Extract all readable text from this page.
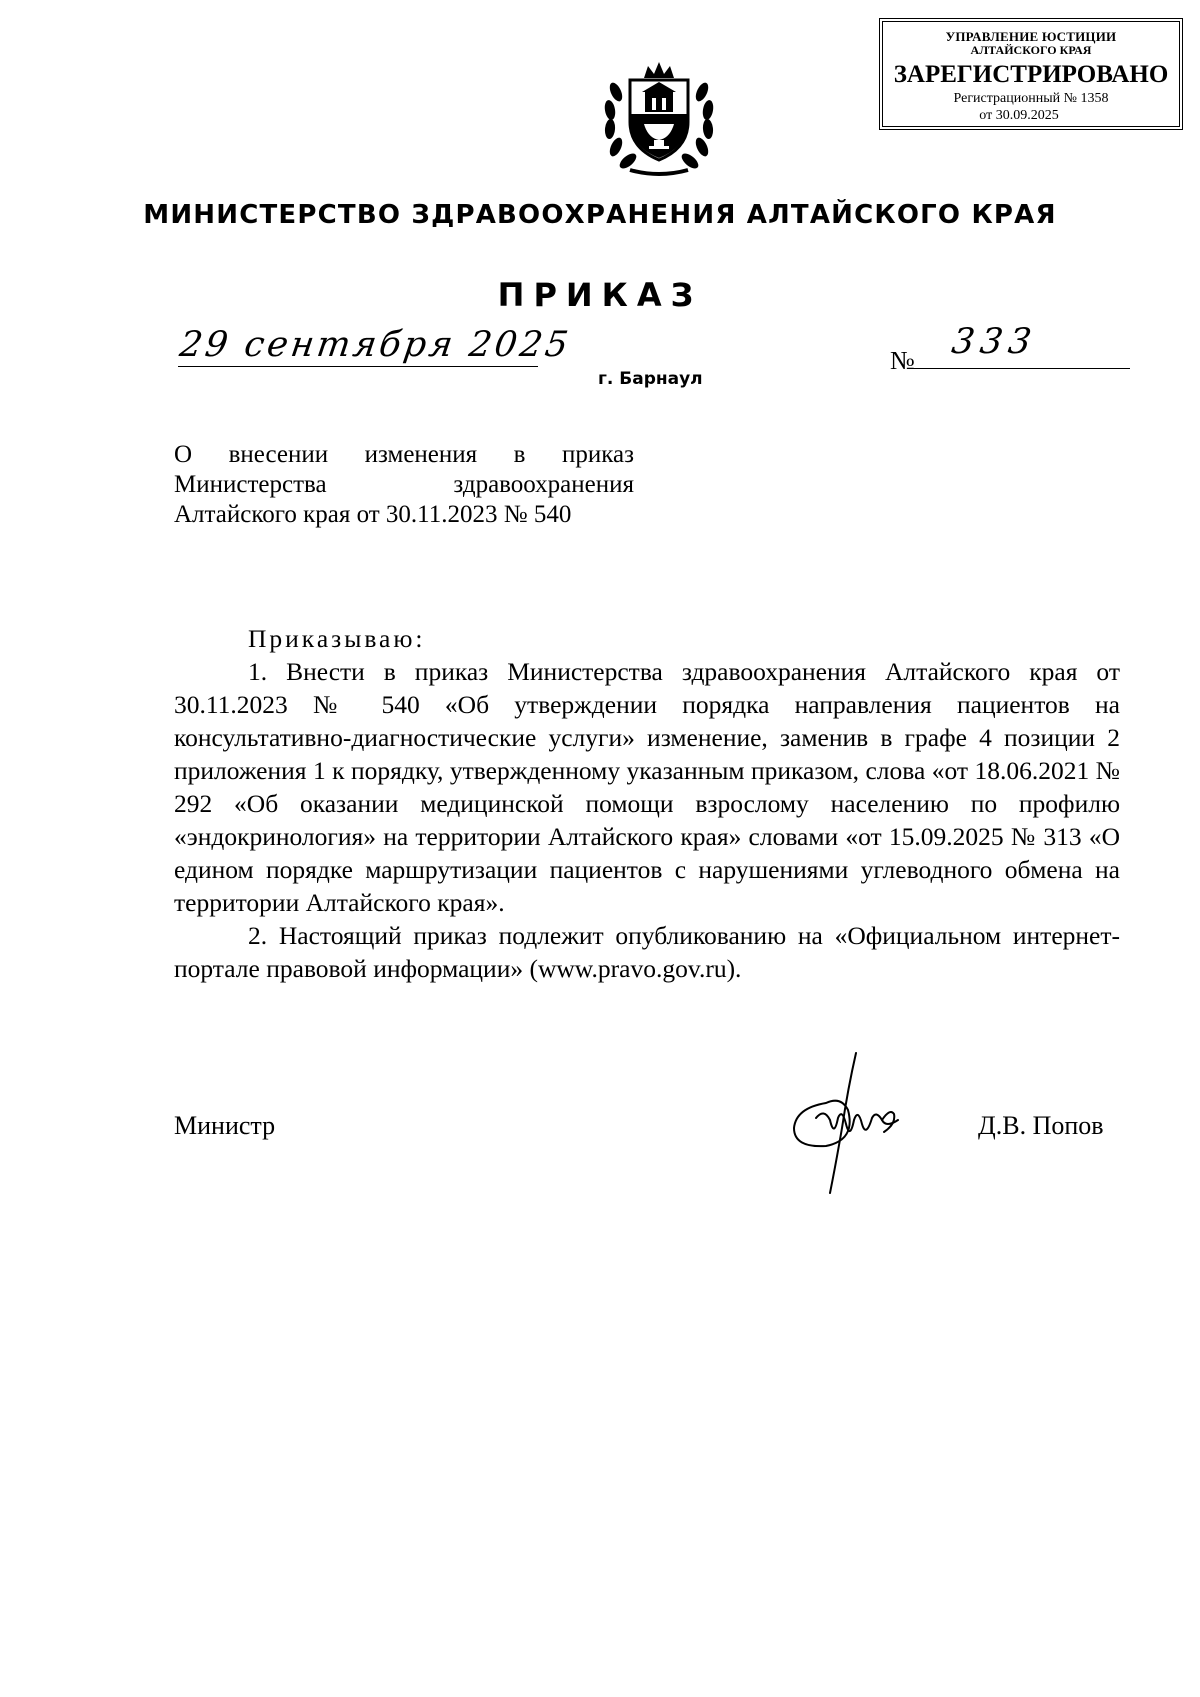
УПРАВЛЕНИЕ ЮСТИЦИИ
АЛТАЙСКОГО КРАЯ
ЗАРЕГИСТРИРОВАНО
Регистрационный № 1358
от 30.09.2025
МИНИСТЕРСТВО ЗДРАВООХРАНЕНИЯ АЛТАЙСКОГО КРАЯ
ПРИКАЗ
29 сентября 2025	№ 333
г. Барнаул
О внесении изменения в приказ
Министерства здравоохранения
Алтайского края от 30.11.2023 № 540
Приказываю:

1. Внести в приказ Министерства здравоохранения Алтайского края от 30.11.2023 № 540 «Об утверждении порядка направления пациентов на консультативно-диагностические услуги» изменение, заменив в графе 4 позиции 2 приложения 1 к порядку, утвержденному указанным приказом, слова «от 18.06.2021 № 292 «Об оказании медицинской помощи взрослому населению по профилю «эндокринология» на территории Алтайского края» словами «от 15.09.2025 № 313 «О едином порядке маршрутизации пациентов с нарушениями углеводного обмена на территории Алтайского края».

2. Настоящий приказ подлежит опубликованию на «Официальном интернет-портале правовой информации» (www.pravo.gov.ru).

Министр	Д.В. Попов
